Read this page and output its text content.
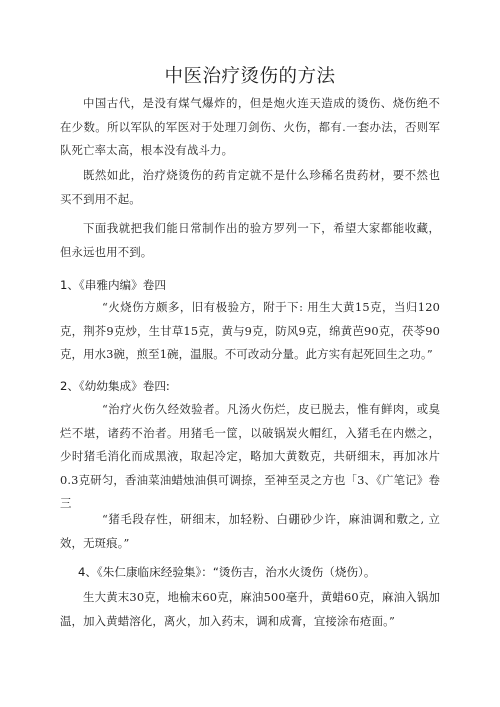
中医治疗烫伤的方法
中国古代，是没有煤气爆炸的，但是炮火连天造成的烫伤、烧伤绝不在少数。所以军队的军医对于处理刀剑伤、火伤，都有.一套办法，否则军队死亡率太高，根本没有战斗力。
既然如此，治疗烧烫伤的药肯定就不是什么珍稀名贵药材，要不然也买不到用不起。
下面我就把我们能日常制作出的验方罗列一下，希望大家都能收藏，但永远也用不到。
1、《串雅内编》卷四
“火烧伤方颇多，旧有极验方，附于下: 用生大黄15克，当归120克，荆芥9克炒，生甘草15克，黄与9克，防风9克，绵黄芭90克，茯苓90克，用水3碗，煎至1碗，温服。不可改动分量。此方实有起死回生之功。”
2、《幼幼集成》卷四:
“治疗火伤久经效验者。凡汤火伤烂，皮已脱去，惟有鲜肉，或臭烂不堪，诸药不治者。用猪毛一筐，以破锅炭火帽红，入猪毛在内燃之，少时猪毛消化而成黑液，取起冷定，略加大黄数克，共研细末，再加冰片0.3克研匀，香油菜油蜡烛油俱可调捺，至神至灵之方也「3、《广笔记》卷三
“猪毛段存性，研细末，加轻粉、白硼砂少许，麻油调和敷之, 立效，无斑痕。”
4、《朱仁康临床经验集》：“烫伤吉，治水火烫伤（烧伤）。
生大黄末30克，地榆末60克，麻油500毫升，黄蜡60克，麻油入锅加温，加入黄蜡溶化，离火，加入药末，调和成膏，宜接涂布疮面。”
